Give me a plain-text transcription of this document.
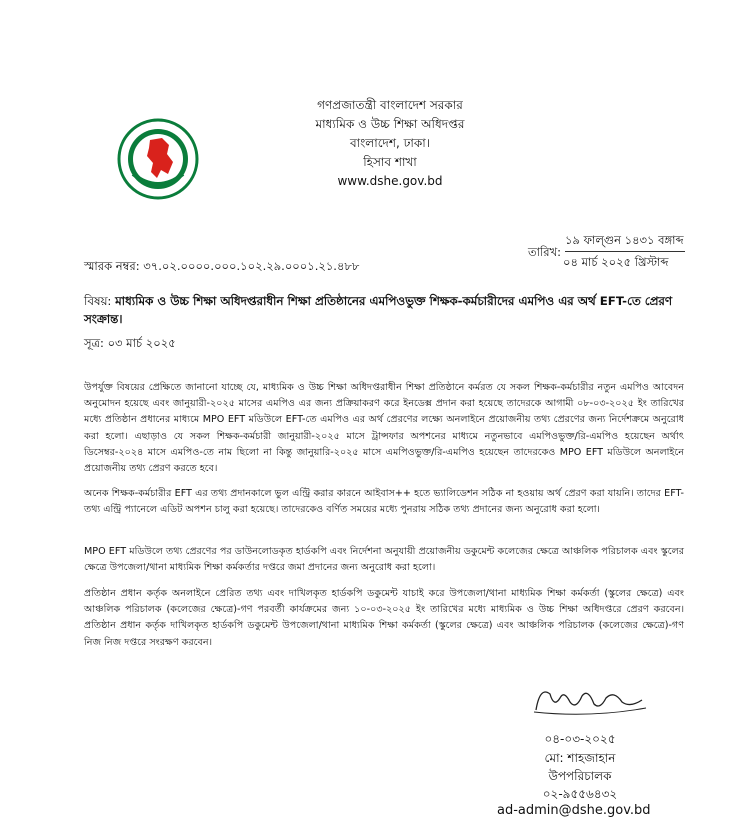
গণপ্রজাতন্ত্রী বাংলাদেশ সরকার
মাধ্যমিক ও উচ্চ শিক্ষা অধিদপ্তর
বাংলাদেশ, ঢাকা।
হিসাব শাখা
www.dshe.gov.bd
স্মারক নম্বর: ৩৭.০২.০০০০.০০০.১০২.২৯.০০০১.২১.৪৮৮
তারিখ:
১৯ ফাল্গুন ১৪৩১ বঙ্গাব্দ
০৪ মার্চ ২০২৫ খ্রিস্টাব্দ
বিষয়: মাধ্যমিক ও উচ্চ শিক্ষা অধিদপ্তরাধীন শিক্ষা প্রতিষ্ঠানের এমপিওভুক্ত শিক্ষক-কর্মচারীদের এমপিও এর অর্থ EFT-তে প্রেরণ সংক্রান্ত।
সূত্র: ০৩ মার্চ ২০২৫
উপর্যুক্ত বিষয়ের প্রেক্ষিতে জানানো যাচ্ছে যে, মাধ্যমিক ও উচ্চ শিক্ষা অধিদপ্তরাধীন শিক্ষা প্রতিষ্ঠানে কর্মরত যে সকল শিক্ষক-কর্মচারীর নতুন এমপিও আবেদন অনুমোদন হয়েছে এবং জানুয়ারী-২০২৫ মাসের এমপিও এর জন্য প্রক্রিয়াকরণ করে ইনডেক্স প্রদান করা হয়েছে তাদেরকে আগামী ০৮-০৩-২০২৫ ইং তারিখের মধ্যে প্রতিষ্ঠান প্রধানের মাধ্যমে MPO EFT মডিউলে EFT-তে এমপিও এর অর্থ প্রেরণের লক্ষ্যে অনলাইনে প্রয়োজনীয় তথ্য প্রেরণের জন্য নির্দেশক্রমে অনুরোধ করা হলো। এছাড়াও যে সকল শিক্ষক-কর্মচারী জানুয়ারী-২০২৫ মাসে ট্রান্সফার অপশনের মাধ্যমে নতুনভাবে এমপিওভুক্ত/রি-এমপিও হয়েছেন অর্থাৎ ডিসেম্বর-২০২৪ মাসে এমপিও-তে নাম ছিলো না কিন্তু জানুয়ারি-২০২৫ মাসে এমপিওভুক্ত/রি-এমপিও হয়েছেন তাদেরকেও MPO EFT মডিউলে অনলাইনে প্রয়োজনীয় তথ্য প্রেরণ করতে হবে।
অনেক শিক্ষক-কর্মচারীর EFT এর তথ্য প্রদানকালে ভুল এন্ট্রি করার কারনে আইবাস++ হতে ভ্যালিডেশন সঠিক না হওয়ায় অর্থ প্রেরণ করা যায়নি। তাদের EFT-তথ্য এন্ট্রি প্যানেলে এডিট অপশন চালু করা হয়েছে। তাদেরকেও বর্ণিত সময়ের মধ্যে পুনরায় সঠিক তথ্য প্রদানের জন্য অনুরোধ করা হলো।
MPO EFT মডিউলে তথ্য প্রেরণের পর ডাউনলোডকৃত হার্ডকপি এবং নির্দেশনা অনুযায়ী প্রয়োজনীয় ডকুমেন্ট কলেজের ক্ষেত্রে আঞ্চলিক পরিচালক এবং স্কুলের ক্ষেত্রে উপজেলা/থানা মাধ্যমিক শিক্ষা কর্মকর্তার দপ্তরে জমা প্রদানের জন্য অনুরোধ করা হলো।
প্রতিষ্ঠান প্রধান কর্তৃক অনলাইনে প্রেরিত তথ্য এবং দাখিলকৃত হার্ডকপি ডকুমেন্ট যাচাই করে উপজেলা/থানা মাধ্যমিক শিক্ষা কর্মকর্তা (স্কুলের ক্ষেত্রে) এবং আঞ্চলিক পরিচালক (কলেজের ক্ষেত্রে)-গণ পরবর্তী কার্যক্রমের জন্য ১০-০৩-২০২৫ ইং তারিখের মধ্যে মাধ্যমিক ও উচ্চ শিক্ষা অধিদপ্তরে প্রেরণ করবেন। প্রতিষ্ঠান প্রধান কর্তৃক দাখিলকৃত হার্ডকপি ডকুমেন্ট উপজেলা/থানা মাধ্যমিক শিক্ষা কর্মকর্তা (স্কুলের ক্ষেত্রে) এবং আঞ্চলিক পরিচালক (কলেজের ক্ষেত্রে)-গণ নিজ নিজ দপ্তরে সংরক্ষণ করবেন।
০৪-০৩-২০২৫
মো: শাহজাহান
উপপরিচালক
০২-৯৫৫৬৪৩২
ad-admin@dshe.gov.bd
